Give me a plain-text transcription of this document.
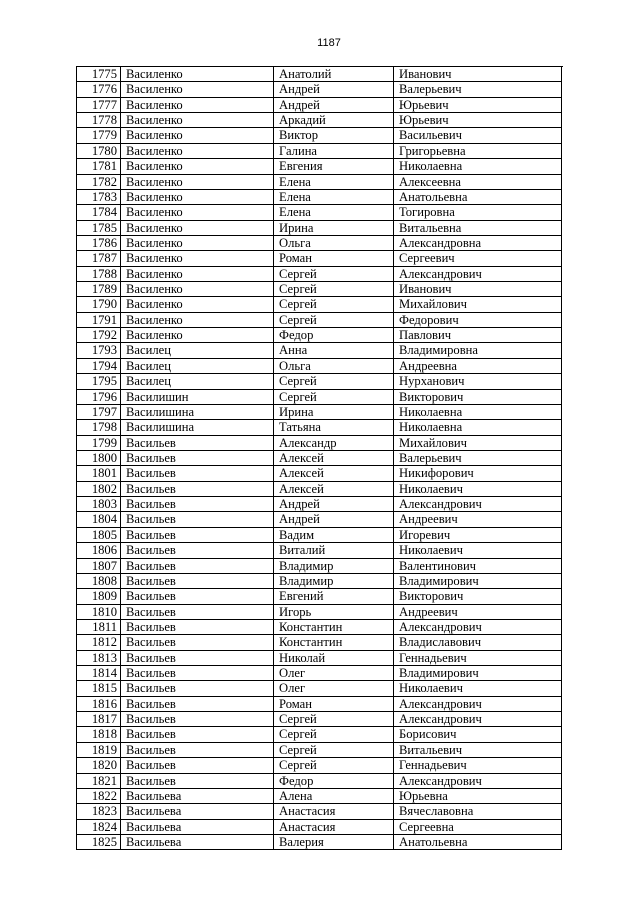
1187
1775 Василенко	Анатолий	Иванович
1776 Василенко	Андрей	Валерьевич
1777 Василенко	Андрей	Юрьевич
1778 Василенко	Аркадий	Юрьевич
1779 Василенко	Виктор	Васильевич
1780 Василенко	Галина	Григорьевна
1781 Василенко	Евгения	Николаевна
1782 Василенко	Елена	Алексеевна
1783 Василенко	Елена	Анатольевна
1784 Василенко	Елена	Тогировна
1785 Василенко	Ирина	Витальевна
1786 Василенко	Ольга	Александровна
1787 Василенко	Роман	Сергеевич
1788 Василенко	Сергей	Александрович
1789 Василенко	Сергей	Иванович
1790 Василенко	Сергей	Михайлович
1791 Василенко	Сергей	Федорович
1792 Василенко	Федор	Павлович
1793 Василец	Анна	Владимировна
1794 Василец	Ольга	Андреевна
1795 Василец	Сергей	Нурханович
1796 Василишин	Сергей	Викторович
1797 Василишина	Ирина	Николаевна
1798 Василишина	Татьяна	Николаевна
1799 Васильев	Александр	Михайлович
1800 Васильев	Алексей	Валерьевич
1801 Васильев	Алексей	Никифорович
1802 Васильев	Алексей	Николаевич
1803 Васильев	Андрей	Александрович
1804 Васильев	Андрей	Андреевич
1805 Васильев	Вадим	Игоревич
1806 Васильев	Виталий	Николаевич
1807 Васильев	Владимир	Валентинович
1808 Васильев	Владимир	Владимирович
1809 Васильев	Евгений	Викторович
1810 Васильев	Игорь	Андреевич
1811 Васильев	Константин	Александрович
1812 Васильев	Константин	Владиславович
1813 Васильев	Николай	Геннадьевич
1814 Васильев	Олег	Владимирович
1815 Васильев	Олег	Николаевич
1816 Васильев	Роман	Александрович
1817 Васильев	Сергей	Александрович
1818 Васильев	Сергей	Борисович
1819 Васильев	Сергей	Витальевич
1820 Васильев	Сергей	Геннадьевич
1821 Васильев	Федор	Александрович
1822 Васильева	Алена	Юрьевна
1823 Васильева	Анастасия	Вячеславовна
1824 Васильева	Анастасия	Сергеевна
1825 Васильева	Валерия	Анатольевна
